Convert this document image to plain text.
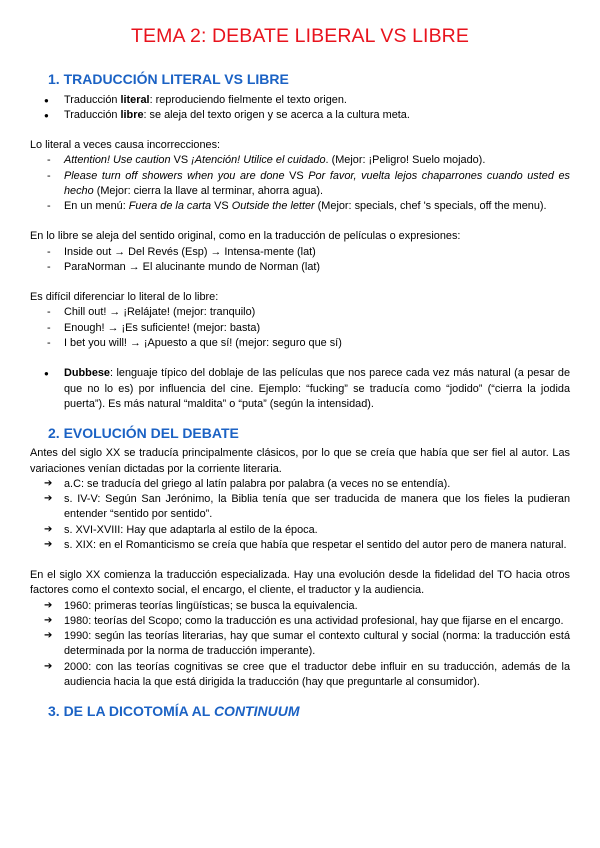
TEMA 2: DEBATE LIBERAL VS LIBRE
1. TRADUCCIÓN LITERAL VS LIBRE
● Traducción literal: reproduciendo fielmente el texto origen.
● Traducción libre: se aleja del texto origen y se acerca a la cultura meta.

Lo literal a veces causa incorrecciones:

- Attention! Use caution VS ¡Atención! Utilice el cuidado. (Mejor: ¡Peligro! Suelo mojado).
- Please turn off showers when you are done VS Por favor, vuelta lejos chaparrones cuando usted es hecho (Mejor: cierra la llave al terminar, ahorra agua).
- En un menú: Fuera de la carta VS Outside the letter (Mejor: specials, chef 's specials, off the menu).

En lo libre se aleja del sentido original, como en la traducción de películas o expresiones:

- Inside out → Del Revés (Esp) → Intensa-mente (lat)
- ParaNorman → El alucinante mundo de Norman (lat)

Es difícil diferenciar lo literal de lo libre:

- Chill out! → ¡Relájate! (mejor: tranquilo)
- Enough! → ¡Es suficiente! (mejor: basta)
- I bet you will! → ¡Apuesto a que sí! (mejor: seguro que sí)
● Dubbese: lenguaje típico del doblaje de las películas que nos parece cada vez más natural (a pesar de que no lo es) por influencia del cine. Ejemplo: “fucking” se traducía como “jodido” (“cierra la jodida puerta”). Es más natural “maldita” o “puta” (según la intensidad).
2. EVOLUCIÓN DEL DEBATE

Antes del siglo XX se traducía principalmente clásicos, por lo que se creía que había que ser fiel al autor. Las variaciones venían dictadas por la corriente literaria.

➔ a.C: se traducía del griego al latín palabra por palabra (a veces no se entendía).
➔ s. IV-V: Según San Jerónimo, la Biblia tenía que ser traducida de manera que los fieles la pudieran entender “sentido por sentido”.
➔ s. XVI-XVIII: Hay que adaptarla al estilo de la época.
➔ s. XIX: en el Romanticismo se creía que había que respetar el sentido del autor pero de manera natural.

En el siglo XX comienza la traducción especializada. Hay una evolución desde la fidelidad del TO hacia otros factores como el contexto social, el encargo, el cliente, el traductor y la audiencia.

➔ 1960: primeras teorías lingüísticas; se busca la equivalencia.
➔ 1980: teorías del Scopo; como la traducción es una actividad profesional, hay que fijarse en el encargo.
➔ 1990: según las teorías literarias, hay que sumar el contexto cultural y social (norma: la traducción está determinada por la norma de traducción imperante).
➔ 2000: con las teorías cognitivas se cree que el traductor debe influir en su traducción, además de la audiencia hacia la que está dirigida la traducción (hay que preguntarle al consumidor).
3. DE LA DICOTOMÍA AL CONTINUUM
